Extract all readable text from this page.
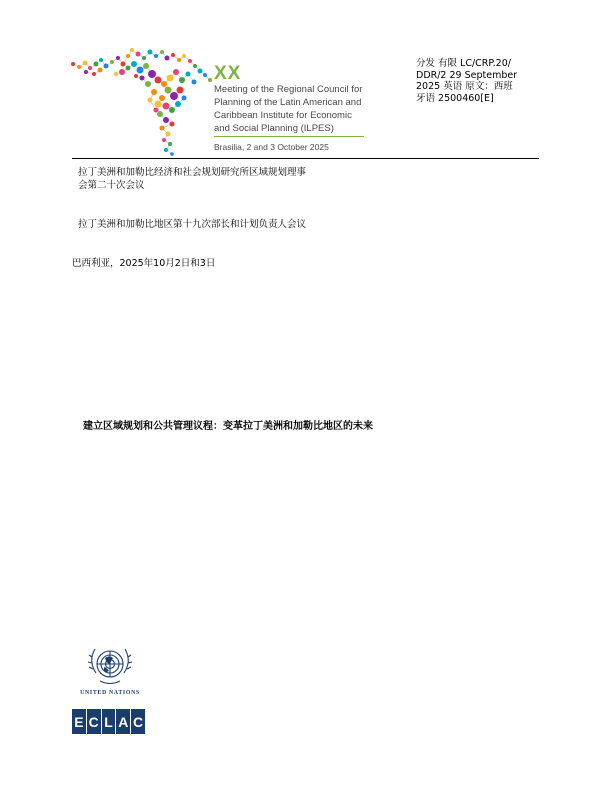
XX
Meeting of the Regional Council for
Planning of the Latin American and
Caribbean Institute for Economic
and Social Planning (ILPES)
Brasilia, 2 and 3 October 2025
分发 有限 LC/CRP.20/
DDR/2 29 September
2025 英语 原文：西班
牙语 2500460[E]
拉丁美洲和加勒比经济和社会规划研究所区域规划理事
会第二十次会议
拉丁美洲和加勒比地区第十九次部长和计划负责人会议
巴西利亚，2025年10月2日和3日
建立区域规划和公共管理议程：变革拉丁美洲和加勒比地区的未来
UNITED NATIONS
E C L A C
